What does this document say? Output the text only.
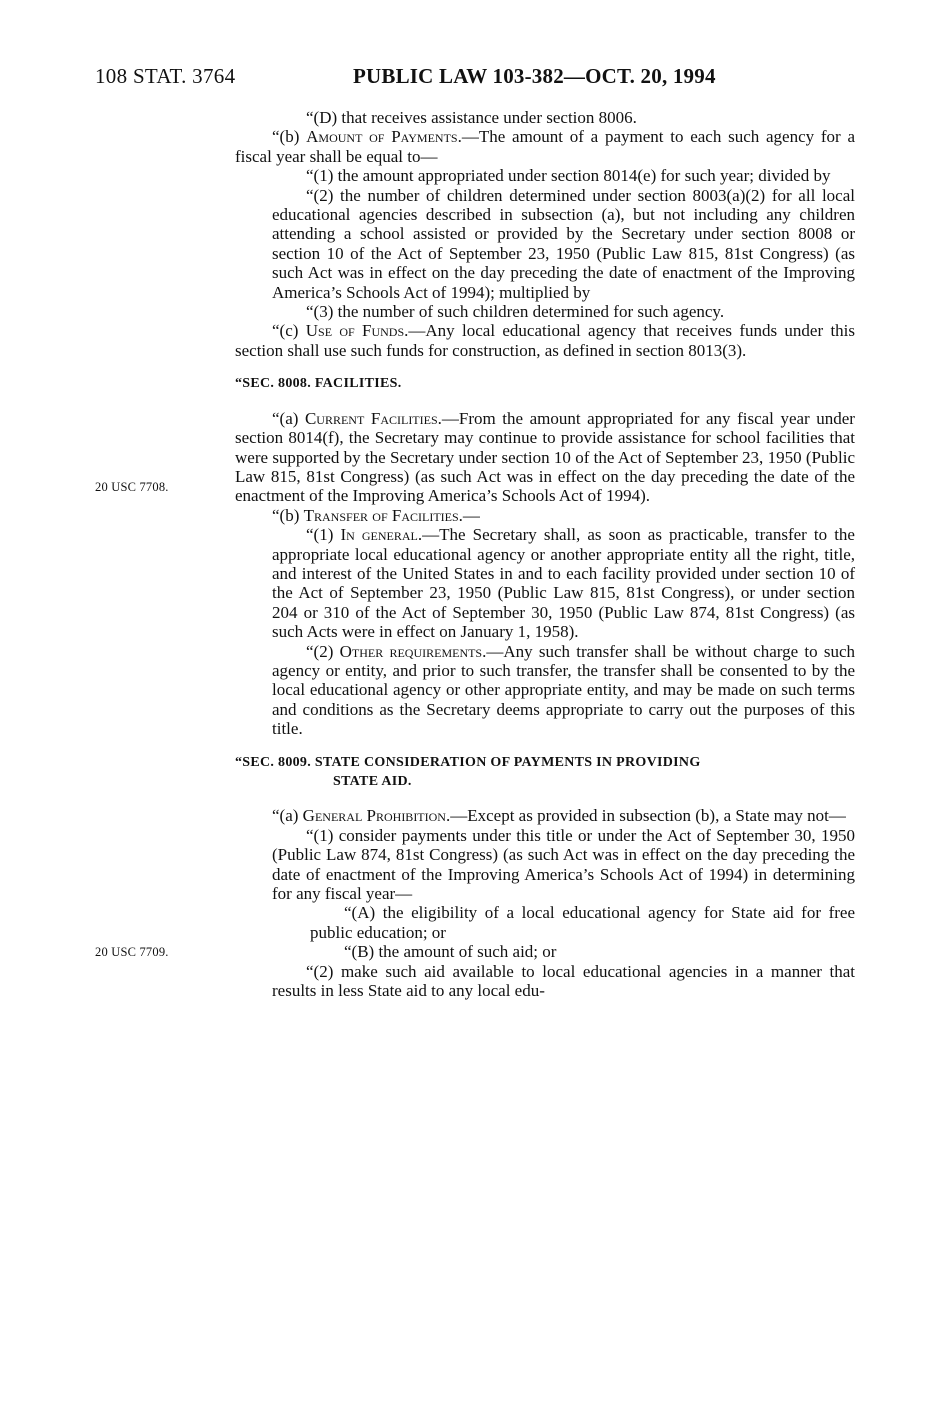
108 STAT. 3764	PUBLIC LAW 103-382—OCT. 20, 1994
20 USC 7708.
20 USC 7709.

“(D) that receives assistance under section 8006.

“(b) Amount of Payments.—The amount of a payment to each such agency for a fiscal year shall be equal to—

“(1) the amount appropriated under section 8014(e) for such year; divided by

“(2) the number of children determined under section 8003(a)(2) for all local educational agencies described in subsection (a), but not including any children attending a school assisted or provided by the Secretary under section 8008 or section 10 of the Act of September 23, 1950 (Public Law 815, 81st Congress) (as such Act was in effect on the day preceding the date of enactment of the Improving America’s Schools Act of 1994); multiplied by

“(3) the number of such children determined for such agency.

“(c) Use of Funds.—Any local educational agency that receives funds under this section shall use such funds for construction, as defined in section 8013(3).

“SEC. 8008. FACILITIES.

“(a) Current Facilities.—From the amount appropriated for any fiscal year under section 8014(f), the Secretary may continue to provide assistance for school facilities that were supported by the Secretary under section 10 of the Act of September 23, 1950 (Public Law 815, 81st Congress) (as such Act was in effect on the day preceding the date of the enactment of the Improving America’s Schools Act of 1994).

“(b) Transfer of Facilities.—

“(1) In general.—The Secretary shall, as soon as practicable, transfer to the appropriate local educational agency or another appropriate entity all the right, title, and interest of the United States in and to each facility provided under section 10 of the Act of September 23, 1950 (Public Law 815, 81st Congress), or under section 204 or 310 of the Act of September 30, 1950 (Public Law 874, 81st Congress) (as such Acts were in effect on January 1, 1958).

“(2) Other requirements.—Any such transfer shall be without charge to such agency or entity, and prior to such transfer, the transfer shall be consented to by the local educational agency or other appropriate entity, and may be made on such terms and conditions as the Secretary deems appropriate to carry out the purposes of this title.

“SEC. 8009. STATE CONSIDERATION OF PAYMENTS IN PROVIDING
STATE AID.

“(a) General Prohibition.—Except as provided in subsection (b), a State may not—

“(1) consider payments under this title or under the Act of September 30, 1950 (Public Law 874, 81st Congress) (as such Act was in effect on the day preceding the date of enactment of the Improving America’s Schools Act of 1994) in determining for any fiscal year—

“(A) the eligibility of a local educational agency for State aid for free public education; or

“(B) the amount of such aid; or

“(2) make such aid available to local educational agencies in a manner that results in less State aid to any local edu-
